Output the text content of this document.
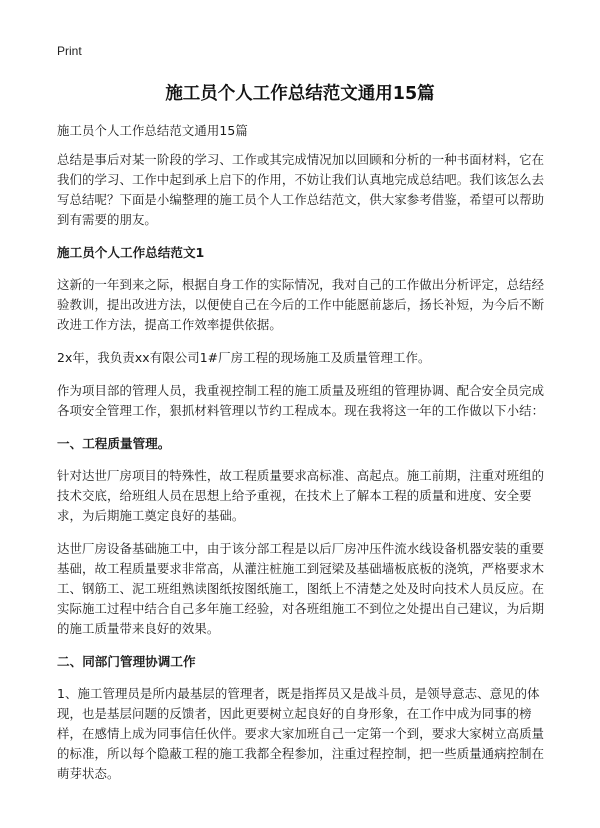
Print
施工员个人工作总结范文通用15篇

施工员个人工作总结范文通用15篇

总结是事后对某一阶段的学习、工作或其完成情况加以回顾和分析的一种书面材料，它在我们的学习、工作中起到承上启下的作用，不妨让我们认真地完成总结吧。我们该怎么去写总结呢？下面是小编整理的施工员个人工作总结范文，供大家参考借鉴，希望可以帮助到有需要的朋友。

施工员个人工作总结范文1

这新的一年到来之际，根据自身工作的实际情况，我对自己的工作做出分析评定，总结经验教训，提出改进方法，以便使自己在今后的工作中能愿前毖后，扬长补短，为今后不断改进工作方法，提高工作效率提供依据。

2x年，我负责xx有限公司1#厂房工程的现场施工及质量管理工作。

作为项目部的管理人员，我重视控制工程的施工质量及班组的管理协调、配合安全员完成各项安全管理工作，狠抓材料管理以节约工程成本。现在我将这一年的工作做以下小结：

一、工程质量管理。

针对达世厂房项目的特殊性，故工程质量要求高标准、高起点。施工前期，注重对班组的技术交底，给班组人员在思想上给予重视，在技术上了解本工程的质量和进度、安全要求，为后期施工奠定良好的基础。

达世厂房设备基础施工中，由于该分部工程是以后厂房冲压件流水线设备机器安装的重要基础，故工程质量要求非常高，从灌注桩施工到冠梁及基础墙板底板的浇筑，严格要求木工、钢筋工、泥工班组熟读图纸按图纸施工，图纸上不清楚之处及时向技术人员反应。在实际施工过程中结合自己多年施工经验，对各班组施工不到位之处提出自己建议，为后期的施工质量带来良好的效果。

二、同部门管理协调工作

1、施工管理员是所内最基层的管理者，既是指挥员又是战斗员，是领导意志、意见的体现，也是基层问题的反馈者，因此更要树立起良好的自身形象，在工作中成为同事的榜样，在感情上成为同事信任伙伴。要求大家加班自己一定第一个到，要求大家树立高质量的标准，所以每个隐蔽工程的施工我都全程参加，注重过程控制，把一些质量通病控制在萌芽状态。
